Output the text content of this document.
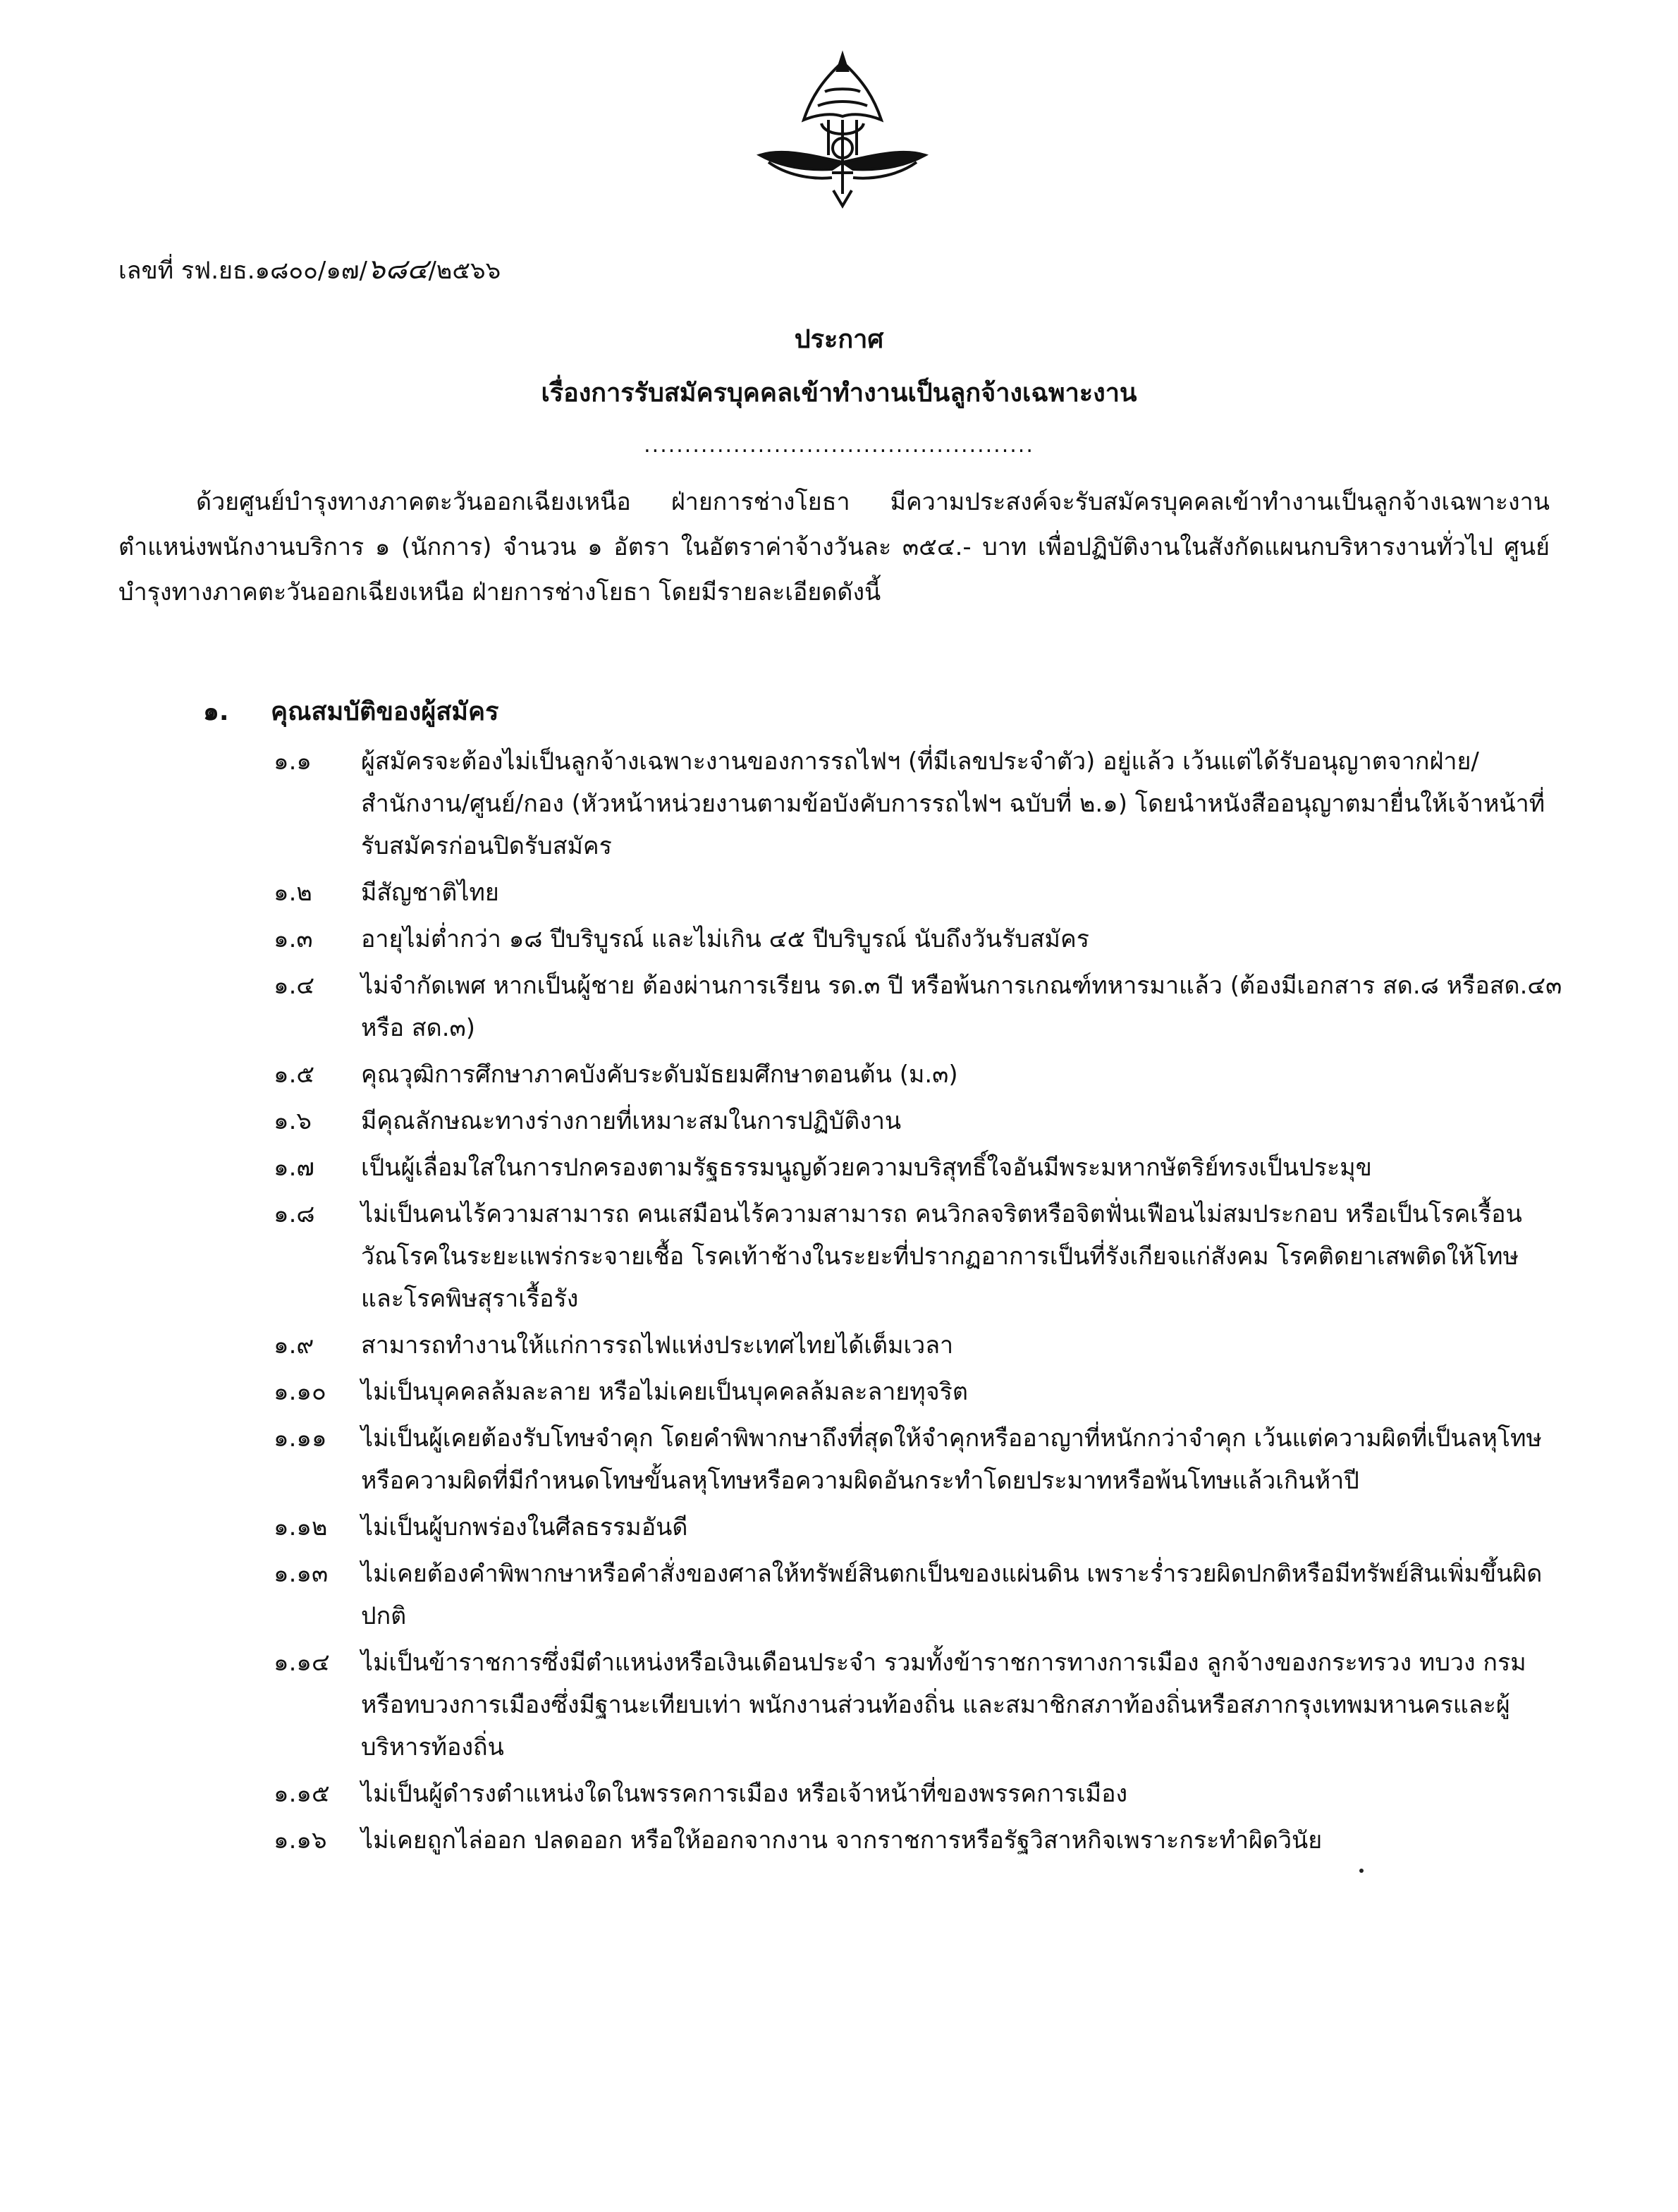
เลขที่ รฟ.ยธ.๑๘๐๐/๑๗/๖๘๔/๒๕๖๖
ประกาศ
เรื่องการรับสมัครบุคคลเข้าทำงานเป็นลูกจ้างเฉพาะงาน
................................................

ด้วยศูนย์บำรุงทางภาคตะวันออกเฉียงเหนือ ฝ่ายการช่างโยธา มีความประสงค์จะรับสมัครบุคคลเข้าทำงานเป็นลูกจ้างเฉพาะงาน ตำแหน่งพนักงานบริการ ๑ (นักการ) จำนวน ๑ อัตรา ในอัตราค่าจ้างวันละ ๓๕๔.- บาท เพื่อปฏิบัติงานในสังกัดแผนกบริหารงานทั่วไป ศูนย์บำรุงทางภาคตะวันออกเฉียงเหนือ ฝ่ายการช่างโยธา โดยมีรายละเอียดดังนี้

๑. คุณสมบัติของผู้สมัคร
๑.๑	ผู้สมัครจะต้องไม่เป็นลูกจ้างเฉพาะงานของการรถไฟฯ (ที่มีเลขประจำตัว) อยู่แล้ว เว้นแต่ได้รับอนุญาตจากฝ่าย/สำนักงาน/ศูนย์/กอง (หัวหน้าหน่วยงานตามข้อบังคับการรถไฟฯ ฉบับที่ ๒.๑) โดยนำหนังสืออนุญาตมายื่นให้เจ้าหน้าที่รับสมัครก่อนปิดรับสมัคร
๑.๒	มีสัญชาติไทย
๑.๓	อายุไม่ต่ำกว่า ๑๘ ปีบริบูรณ์ และไม่เกิน ๔๕ ปีบริบูรณ์ นับถึงวันรับสมัคร
๑.๔	ไม่จำกัดเพศ หากเป็นผู้ชาย ต้องผ่านการเรียน รด.๓ ปี หรือพ้นการเกณฑ์ทหารมาแล้ว (ต้องมีเอกสาร สด.๘ หรือสด.๔๓ หรือ สด.๓)
๑.๕	คุณวุฒิการศึกษาภาคบังคับระดับมัธยมศึกษาตอนต้น (ม.๓)
๑.๖	มีคุณลักษณะทางร่างกายที่เหมาะสมในการปฏิบัติงาน
๑.๗	เป็นผู้เลื่อมใสในการปกครองตามรัฐธรรมนูญด้วยความบริสุทธิ์ใจอันมีพระมหากษัตริย์ทรงเป็นประมุข
๑.๘	ไม่เป็นคนไร้ความสามารถ คนเสมือนไร้ความสามารถ คนวิกลจริตหรือจิตฟั่นเฟือนไม่สมประกอบ หรือเป็นโรคเรื้อน วัณโรคในระยะแพร่กระจายเชื้อ โรคเท้าช้างในระยะที่ปรากฏอาการเป็นที่รังเกียจแก่สังคม โรคติดยาเสพติดให้โทษ และโรคพิษสุราเรื้อรัง
๑.๙	สามารถทำงานให้แก่การรถไฟแห่งประเทศไทยได้เต็มเวลา
๑.๑๐	ไม่เป็นบุคคลล้มละลาย หรือไม่เคยเป็นบุคคลล้มละลายทุจริต
๑.๑๑	ไม่เป็นผู้เคยต้องรับโทษจำคุก โดยคำพิพากษาถึงที่สุดให้จำคุกหรืออาญาที่หนักกว่าจำคุก เว้นแต่ความผิดที่เป็นลหุโทษ หรือความผิดที่มีกำหนดโทษขั้นลหุโทษหรือความผิดอันกระทำโดยประมาทหรือพ้นโทษแล้วเกินห้าปี
๑.๑๒	ไม่เป็นผู้บกพร่องในศีลธรรมอันดี
๑.๑๓	ไม่เคยต้องคำพิพากษาหรือคำสั่งของศาลให้ทรัพย์สินตกเป็นของแผ่นดิน เพราะร่ำรวยผิดปกติหรือมีทรัพย์สินเพิ่มขึ้นผิดปกติ
๑.๑๔	ไม่เป็นข้าราชการซึ่งมีตำแหน่งหรือเงินเดือนประจำ รวมทั้งข้าราชการทางการเมือง ลูกจ้างของกระทรวง ทบวง กรม หรือทบวงการเมืองซึ่งมีฐานะเทียบเท่า พนักงานส่วนท้องถิ่น และสมาชิกสภาท้องถิ่นหรือสภากรุงเทพมหานครและผู้บริหารท้องถิ่น
๑.๑๕	ไม่เป็นผู้ดำรงตำแหน่งใดในพรรคการเมือง หรือเจ้าหน้าที่ของพรรคการเมือง
๑.๑๖	ไม่เคยถูกไล่ออก ปลดออก หรือให้ออกจากงาน จากราชการหรือรัฐวิสาหกิจเพราะกระทำผิดวินัย
